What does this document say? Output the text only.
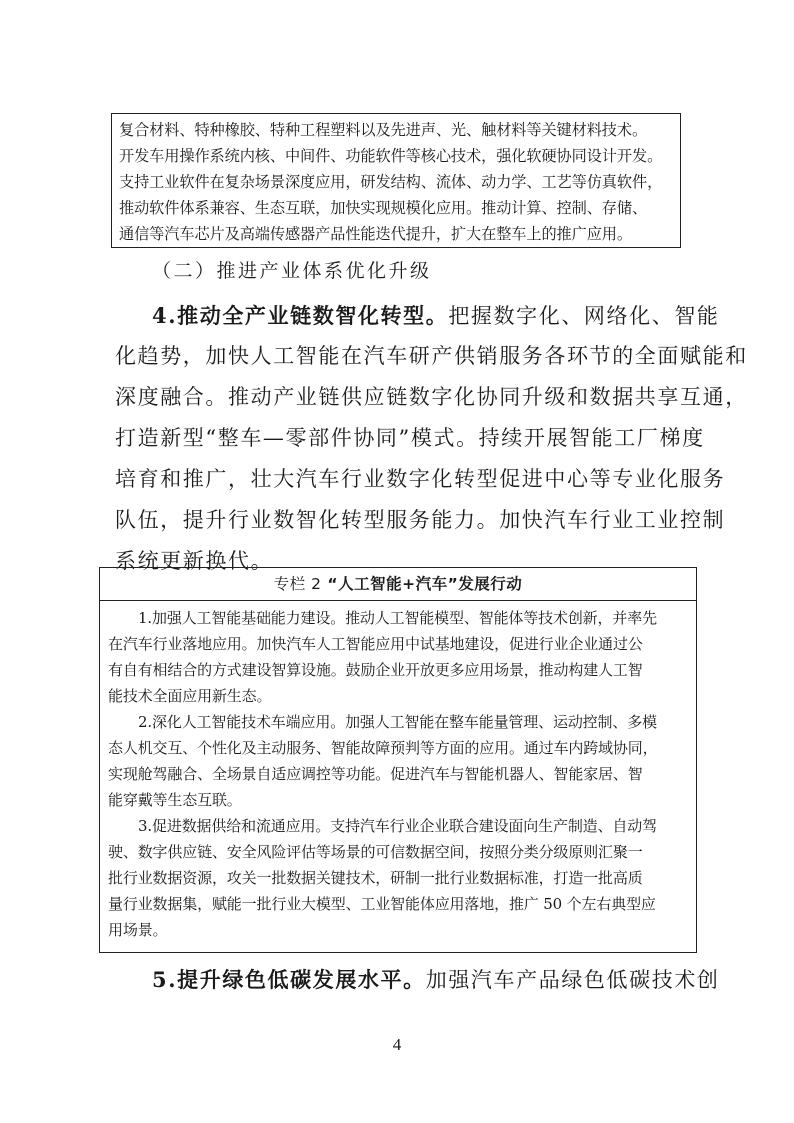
复合材料、特种橡胶、特种工程塑料以及先进声、光、触材料等关键材料技术。
开发车用操作系统内核、中间件、功能软件等核心技术，强化软硬协同设计开发。
支持工业软件在复杂场景深度应用，研发结构、流体、动力学、工艺等仿真软件，
推动软件体系兼容、生态互联，加快实现规模化应用。推动计算、控制、存储、
通信等汽车芯片及高端传感器产品性能迭代提升，扩大在整车上的推广应用。
（二）推进产业体系优化升级
4.推动全产业链数智化转型。把握数字化、网络化、智能
化趋势，加快人工智能在汽车研产供销服务各环节的全面赋能和
深度融合。推动产业链供应链数字化协同升级和数据共享互通，
打造新型“整车—零部件协同”模式。持续开展智能工厂梯度
培育和推广，壮大汽车行业数字化转型促进中心等专业化服务
队伍，提升行业数智化转型服务能力。加快汽车行业工业控制
系统更新换代。
专栏 2 “人工智能+汽车”发展行动
1.加强人工智能基础能力建设。推动人工智能模型、智能体等技术创新，并率先
在汽车行业落地应用。加快汽车人工智能应用中试基地建设，促进行业企业通过公
有自有相结合的方式建设智算设施。鼓励企业开放更多应用场景，推动构建人工智
能技术全面应用新生态。
2.深化人工智能技术车端应用。加强人工智能在整车能量管理、运动控制、多模
态人机交互、个性化及主动服务、智能故障预判等方面的应用。通过车内跨域协同，
实现舱驾融合、全场景自适应调控等功能。促进汽车与智能机器人、智能家居、智
能穿戴等生态互联。
3.促进数据供给和流通应用。支持汽车行业企业联合建设面向生产制造、自动驾
驶、数字供应链、安全风险评估等场景的可信数据空间，按照分类分级原则汇聚一
批行业数据资源，攻关一批数据关键技术，研制一批行业数据标准，打造一批高质
量行业数据集，赋能一批行业大模型、工业智能体应用落地，推广 50 个左右典型应
用场景。
5.提升绿色低碳发展水平。加强汽车产品绿色低碳技术创
4
